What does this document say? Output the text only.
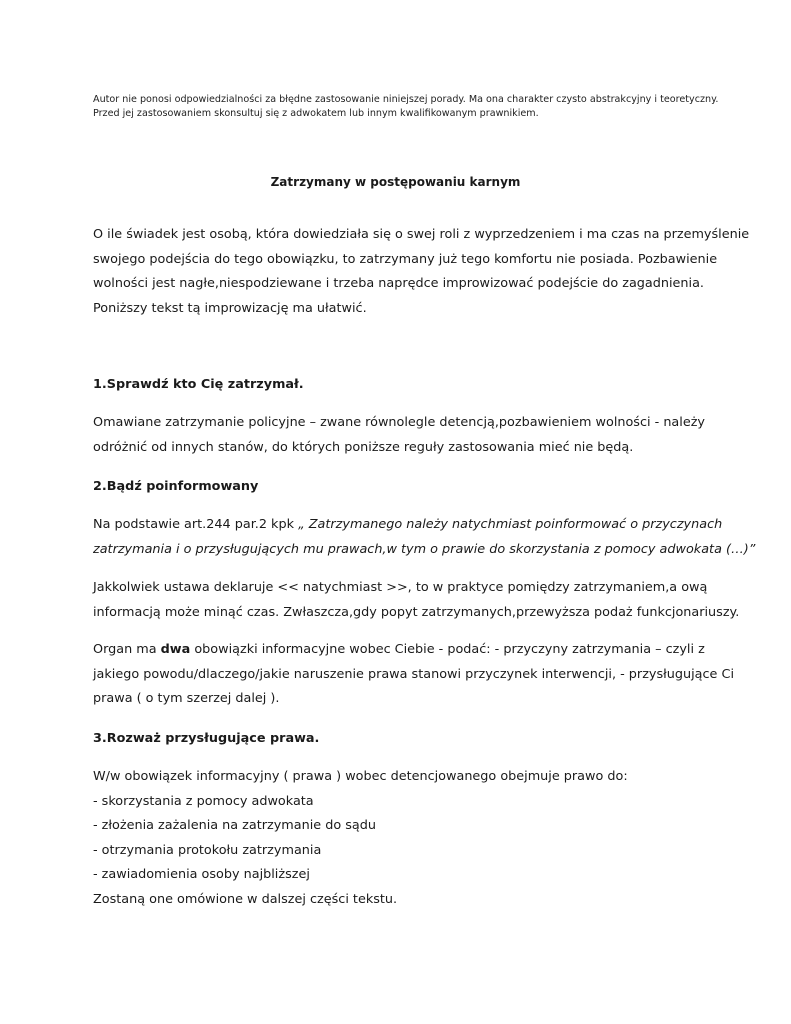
Autor nie ponosi odpowiedzialności za błędne zastosowanie niniejszej porady. Ma ona charakter czysto abstrakcyjny i teoretyczny.

Przed jej zastosowaniem skonsultuj się z adwokatem lub innym kwalifikowanym prawnikiem.

Zatrzymany w postępowaniu karnym

O ile świadek jest osobą, która dowiedziała się o swej roli z wyprzedzeniem i ma czas na przemyślenie

swojego podejścia do tego obowiązku, to zatrzymany już tego komfortu nie posiada. Pozbawienie

wolności jest nagłe,niespodziewane i trzeba naprędce improwizować podejście do zagadnienia.

Poniższy tekst tą improwizację ma ułatwić.

1.Sprawdź kto Cię zatrzymał.

Omawiane zatrzymanie policyjne – zwane równolegle detencją,pozbawieniem wolności - należy

odróżnić od innych stanów, do których poniższe reguły zastosowania mieć nie będą.

2.Bądź poinformowany

Na podstawie art.244 par.2 kpk „ Zatrzymanego należy natychmiast poinformować o przyczynach

zatrzymania i o przysługujących mu prawach,w tym o prawie do skorzystania z pomocy adwokata (…)”

Jakkolwiek ustawa deklaruje << natychmiast >>, to w praktyce pomiędzy zatrzymaniem,a ową

informacją może minąć czas. Zwłaszcza,gdy popyt zatrzymanych,przewyższa podaż funkcjonariuszy.

Organ ma dwa obowiązki informacyjne wobec Ciebie - podać: - przyczyny zatrzymania – czyli z

jakiego powodu/dlaczego/jakie naruszenie prawa stanowi przyczynek interwencji, - przysługujące Ci

prawa ( o tym szerzej dalej ).

3.Rozważ przysługujące prawa.

W/w obowiązek informacyjny ( prawa ) wobec detencjowanego obejmuje prawo do:

- skorzystania z pomocy adwokata

- złożenia zażalenia na zatrzymanie do sądu

- otrzymania protokołu zatrzymania

- zawiadomienia osoby najbliższej

Zostaną one omówione w dalszej części tekstu.
